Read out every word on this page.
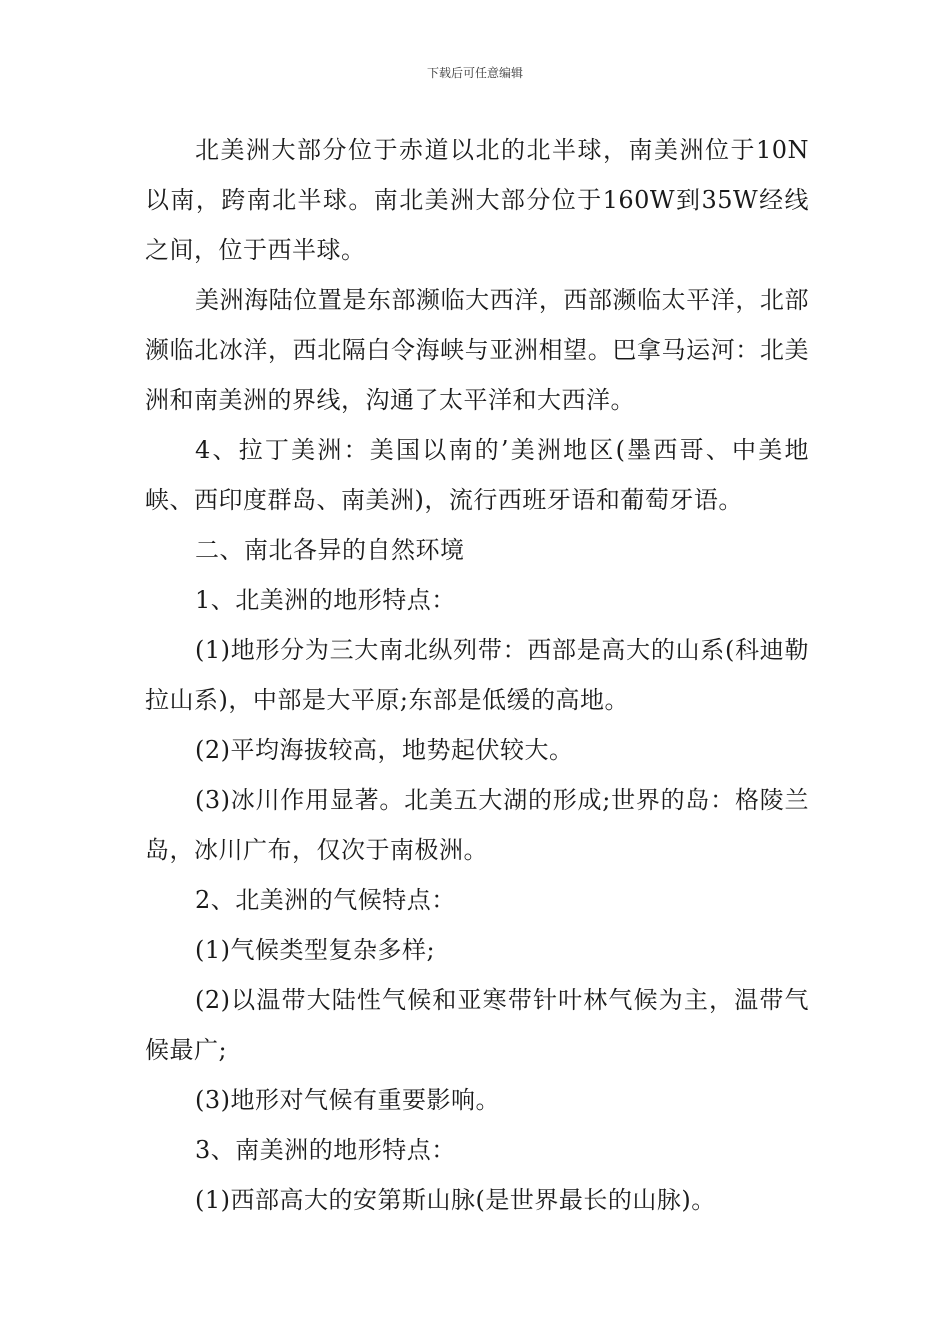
下载后可任意编辑

北美洲大部分位于赤道以北的北半球，南美洲位于10N以南，跨南北半球。南北美洲大部分位于160W到35W经线之间，位于西半球。

美洲海陆位置是东部濒临大西洋，西部濒临太平洋，北部濒临北冰洋，西北隔白令海峡与亚洲相望。巴拿马运河：北美洲和南美洲的界线，沟通了太平洋和大西洋。

4、拉丁美洲：美国以南的’美洲地区(墨西哥、中美地峡、西印度群岛、南美洲)，流行西班牙语和葡萄牙语。

二、南北各异的自然环境

1、北美洲的地形特点：

(1)地形分为三大南北纵列带：西部是高大的山系(科迪勒拉山系)，中部是大平原;东部是低缓的高地。

(2)平均海拔较高，地势起伏较大。

(3)冰川作用显著。北美五大湖的形成;世界的岛：格陵兰岛，冰川广布，仅次于南极洲。

2、北美洲的气候特点：

(1)气候类型复杂多样;

(2)以温带大陆性气候和亚寒带针叶林气候为主，温带气候最广;

(3)地形对气候有重要影响。

3、南美洲的地形特点：

(1)西部高大的安第斯山脉(是世界最长的山脉)。
